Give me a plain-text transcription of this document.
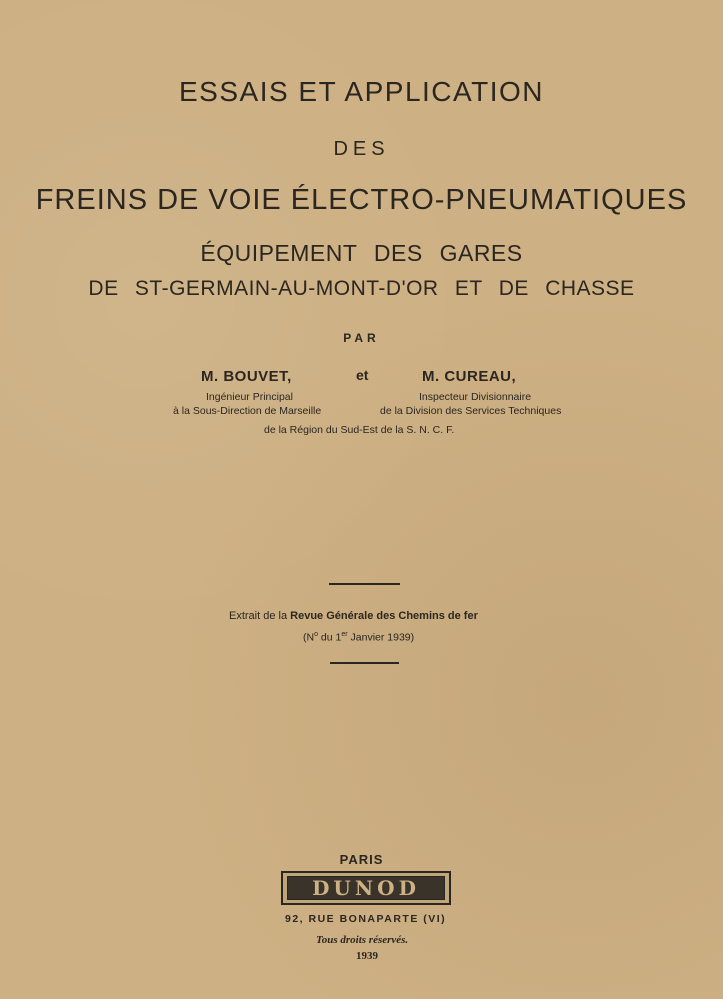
ESSAIS ET APPLICATION
DES
FREINS DE VOIE ÉLECTRO-PNEUMATIQUES
ÉQUIPEMENT DES GARES
DE ST-GERMAIN-AU-MONT-D'OR ET DE CHASSE
PAR
M. BOUVET,	et	M. CUREAU,
Ingénieur Principal	Inspecteur Divisionnaire
à la Sous-Direction de Marseille	de la Division des Services Techniques
de la Région du Sud-Est de la S. N. C. F.
Extrait de la Revue Générale des Chemins de fer
($N^o$ du 1er Janvier 1939)
PARIS
DUNOD
92, RUE BONAPARTE (VI)
Tous droits réservés.
1939
